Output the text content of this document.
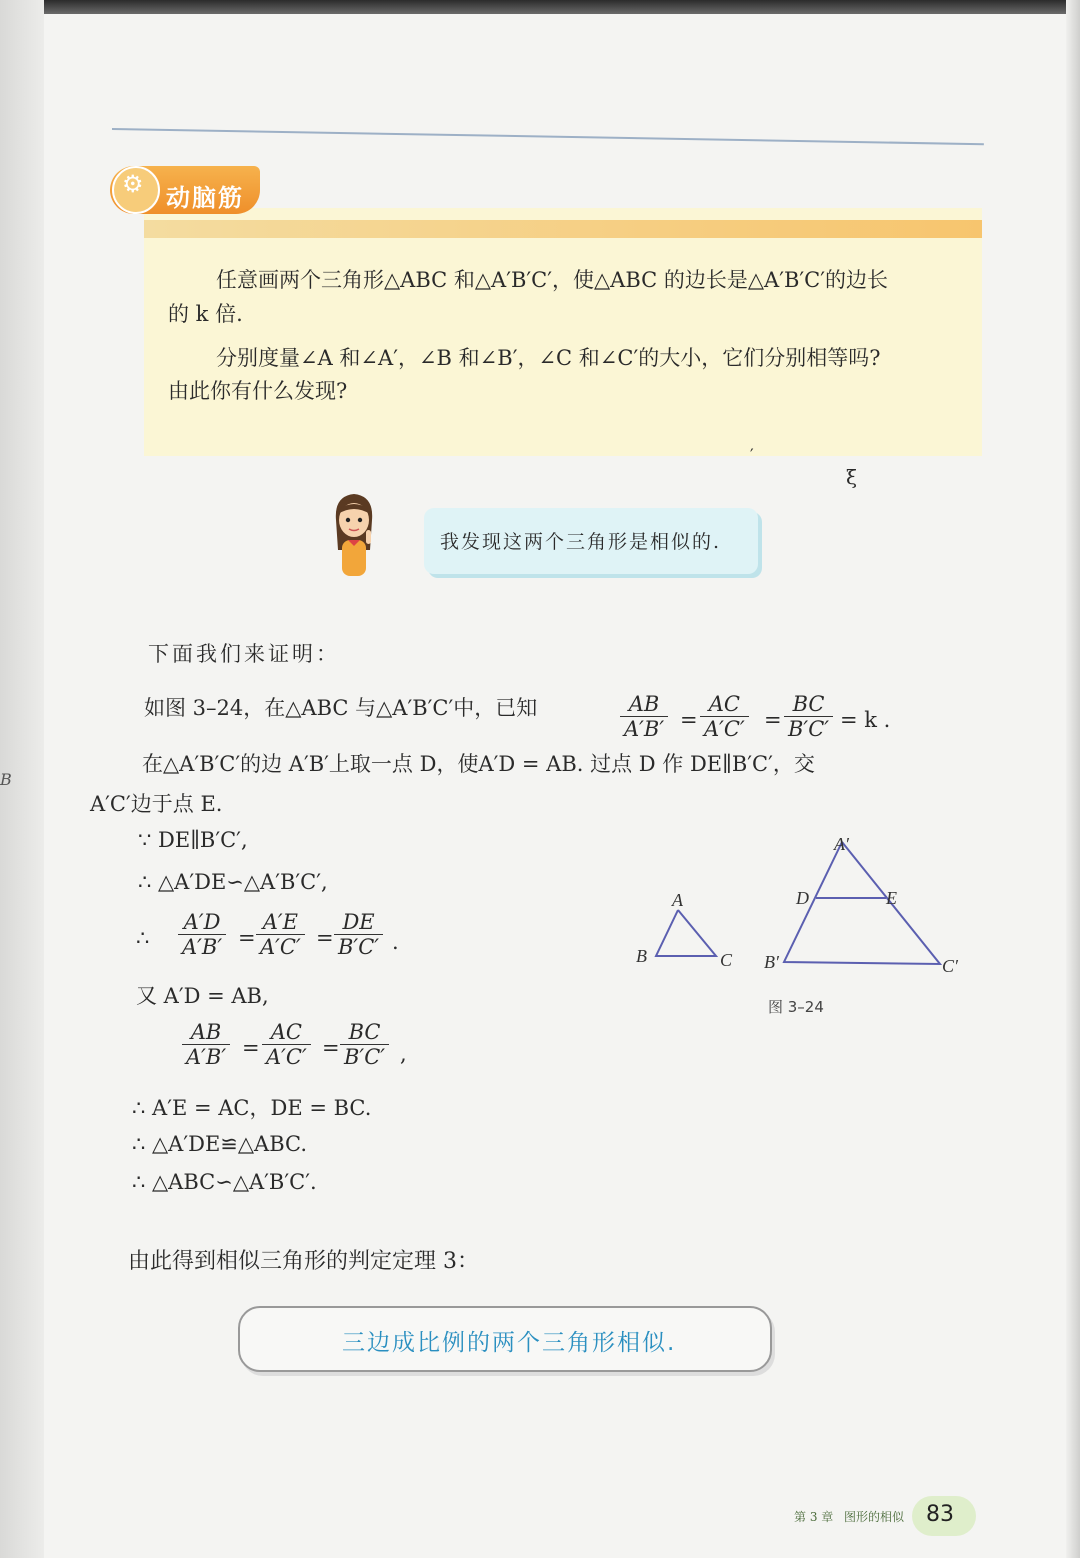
B
⚙ 动脑筋
任意画两个三角形△ABC 和△A′B′C′，使△ABC 的边长是△A′B′C′的边长
的 k 倍.
分别度量∠A 和∠A′，∠B 和∠B′，∠C 和∠C′的大小，它们分别相等吗?
由此你有什么发现?
′
ξ
我发现这两个三角形是相似的.
下面我们来证明：
如图 3–24，在△ABC 与△A′B′C′中，已知	$\frac{AB}{A'B'} = \frac{AC}{A'C'} = \frac{BC}{B'C'} = k$ .
在△A′B′C′的边 A′B′上取一点 D，使A′D = AB. 过点 D 作 DE∥B′C′，交
A′C′边于点 E.
∵ DE∥B′C′,
∴ △A′DE∽△A′B′C′,
∴ $\frac{A'D}{A'B'} = \frac{A'E}{A'C'} = \frac{DE}{B'C'}$ .
又 A′D = AB,
$\frac{AB}{A'B'} = \frac{AC}{A'C'} = \frac{BC}{B'C'}$ ,
∴ A′E = AC，DE = BC.
∴ △A′DE≌△ABC.
∴ △ABC∽△A′B′C′.
A
B	C
A′
D	E
B′	C′
图 3–24
由此得到相似三角形的判定定理 3：
三边成比例的两个三角形相似.
第 3 章 图形的相似 83
